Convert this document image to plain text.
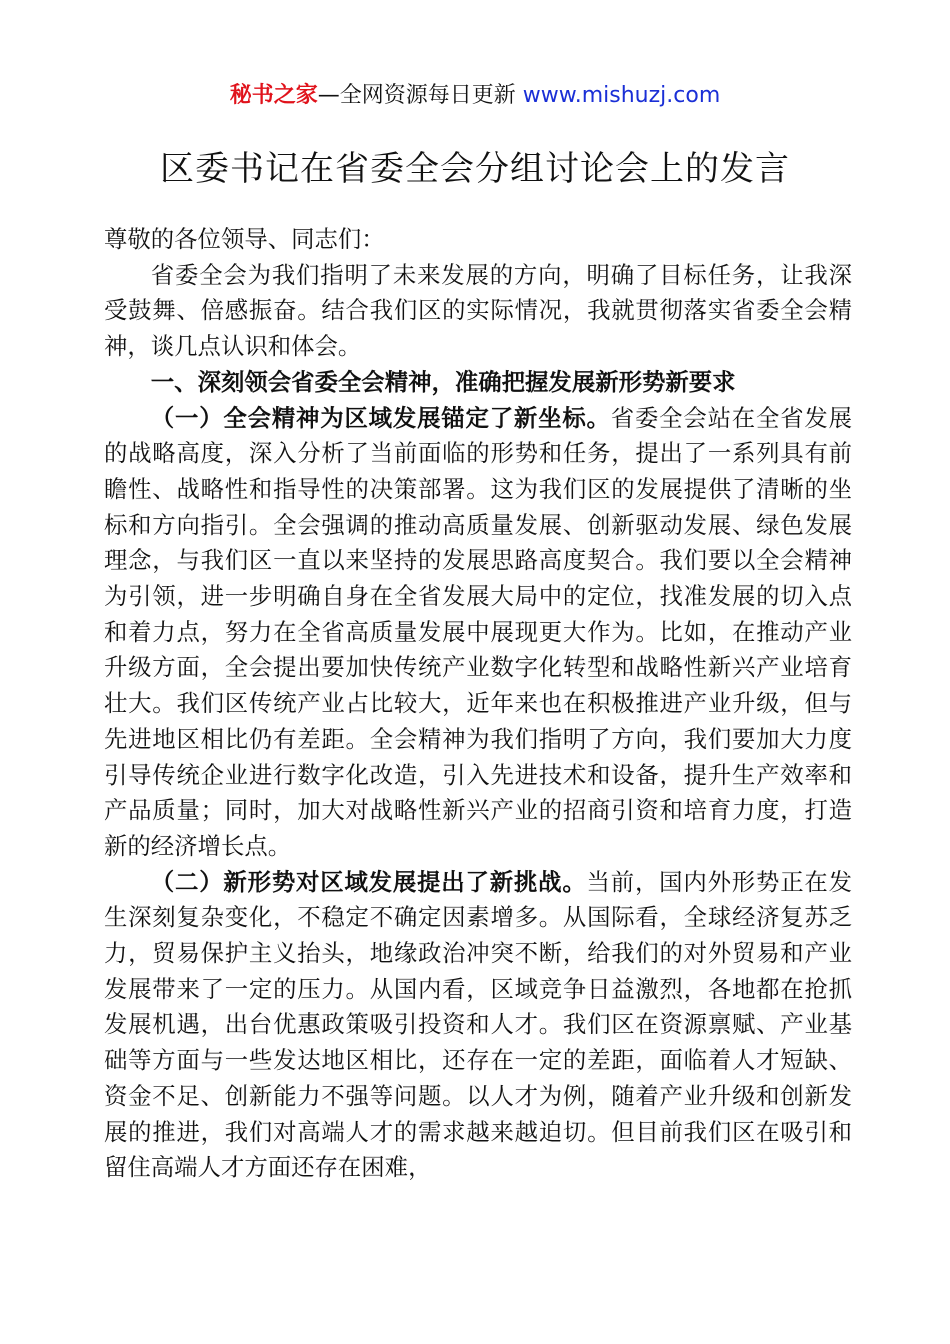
秘书之家—全网资源每日更新 www.mishuzj.com
区委书记在省委全会分组讨论会上的发言

尊敬的各位领导、同志们：

省委全会为我们指明了未来发展的方向，明确了目标任务，让我深受鼓舞、倍感振奋。结合我们区的实际情况，我就贯彻落实省委全会精神，谈几点认识和体会。

一、深刻领会省委全会精神，准确把握发展新形势新要求

（一）全会精神为区域发展锚定了新坐标。省委全会站在全省发展的战略高度，深入分析了当前面临的形势和任务，提出了一系列具有前瞻性、战略性和指导性的决策部署。这为我们区的发展提供了清晰的坐标和方向指引。全会强调的推动高质量发展、创新驱动发展、绿色发展理念，与我们区一直以来坚持的发展思路高度契合。我们要以全会精神为引领，进一步明确自身在全省发展大局中的定位，找准发展的切入点和着力点，努力在全省高质量发展中展现更大作为。比如，在推动产业升级方面，全会提出要加快传统产业数字化转型和战略性新兴产业培育壮大。我们区传统产业占比较大，近年来也在积极推进产业升级，但与先进地区相比仍有差距。全会精神为我们指明了方向，我们要加大力度引导传统企业进行数字化改造，引入先进技术和设备，提升生产效率和产品质量；同时，加大对战略性新兴产业的招商引资和培育力度，打造新的经济增长点。

（二）新形势对区域发展提出了新挑战。当前，国内外形势正在发生深刻复杂变化，不稳定不确定因素增多。从国际看，全球经济复苏乏力，贸易保护主义抬头，地缘政治冲突不断，给我们的对外贸易和产业发展带来了一定的压力。从国内看，区域竞争日益激烈，各地都在抢抓发展机遇，出台优惠政策吸引投资和人才。我们区在资源禀赋、产业基础等方面与一些发达地区相比，还存在一定的差距，面临着人才短缺、资金不足、创新能力不强等问题。以人才为例，随着产业升级和创新发展的推进，我们对高端人才的需求越来越迫切。但目前我们区在吸引和留住高端人才方面还存在困难，
